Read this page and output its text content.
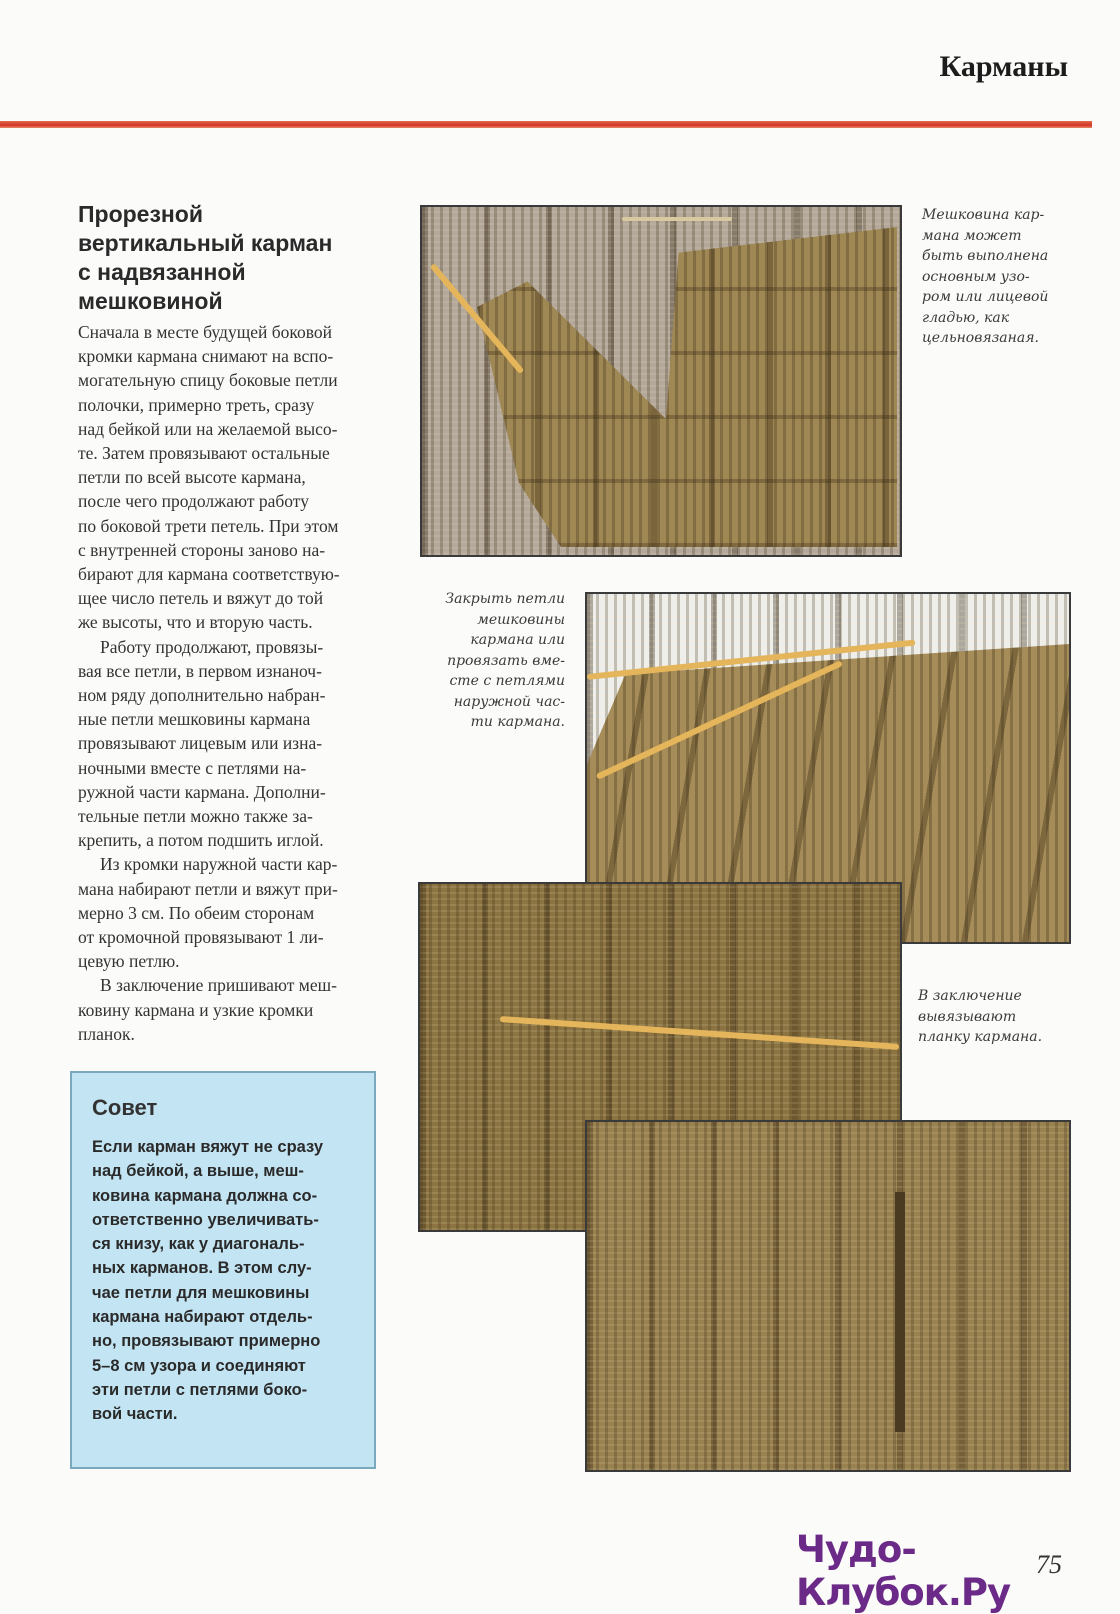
Карманы
Прорезной
вертикальный карман
с надвязанной
мешковиной
Сначала в месте будущей боковой
кромки кармана снимают на вспо-
могательную спицу боковые петли
полочки, примерно треть, сразу
над бейкой или на желаемой высо-
те. Затем провязывают остальные
петли по всей высоте кармана,
после чего продолжают работу
по боковой трети петель. При этом
с внутренней стороны заново на-
бирают для кармана соответствую-
щее число петель и вяжут до той
же высоты, что и вторую часть.
Работу продолжают, провязы-
вая все петли, в первом изнаноч-
ном ряду дополнительно набран-
ные петли мешковины кармана
провязывают лицевым или изна-
ночными вместе с петлями на-
ружной части кармана. Дополни-
тельные петли можно также за-
крепить, а потом подшить иглой.
Из кромки наружной части кар-
мана набирают петли и вяжут при-
мерно 3 см. По обеим сторонам
от кромочной провязывают 1 ли-
цевую петлю.
В заключение пришивают меш-
ковину кармана и узкие кромки
планок.
Совет
Если карман вяжут не сразу
над бейкой, а выше, меш-
ковина кармана должна со-
ответственно увеличивать-
ся книзу, как у диагональ-
ных карманов. В этом слу-
чае петли для мешковины
кармана набирают отдель-
но, провязывают примерно
5–8 см узора и соединяют
эти петли с петлями боко-
вой части.
Мешковина кар-
мана может
быть выполнена
основным узо-
ром или лицевой
гладью, как
цельновязаная.
Закрыть петли
мешковины
кармана или
провязать вме-
сте с петлями
наружной час-
ти кармана.
В заключение
вывязывают
планку кармана.
75
Чудо-Клубок.Ру
